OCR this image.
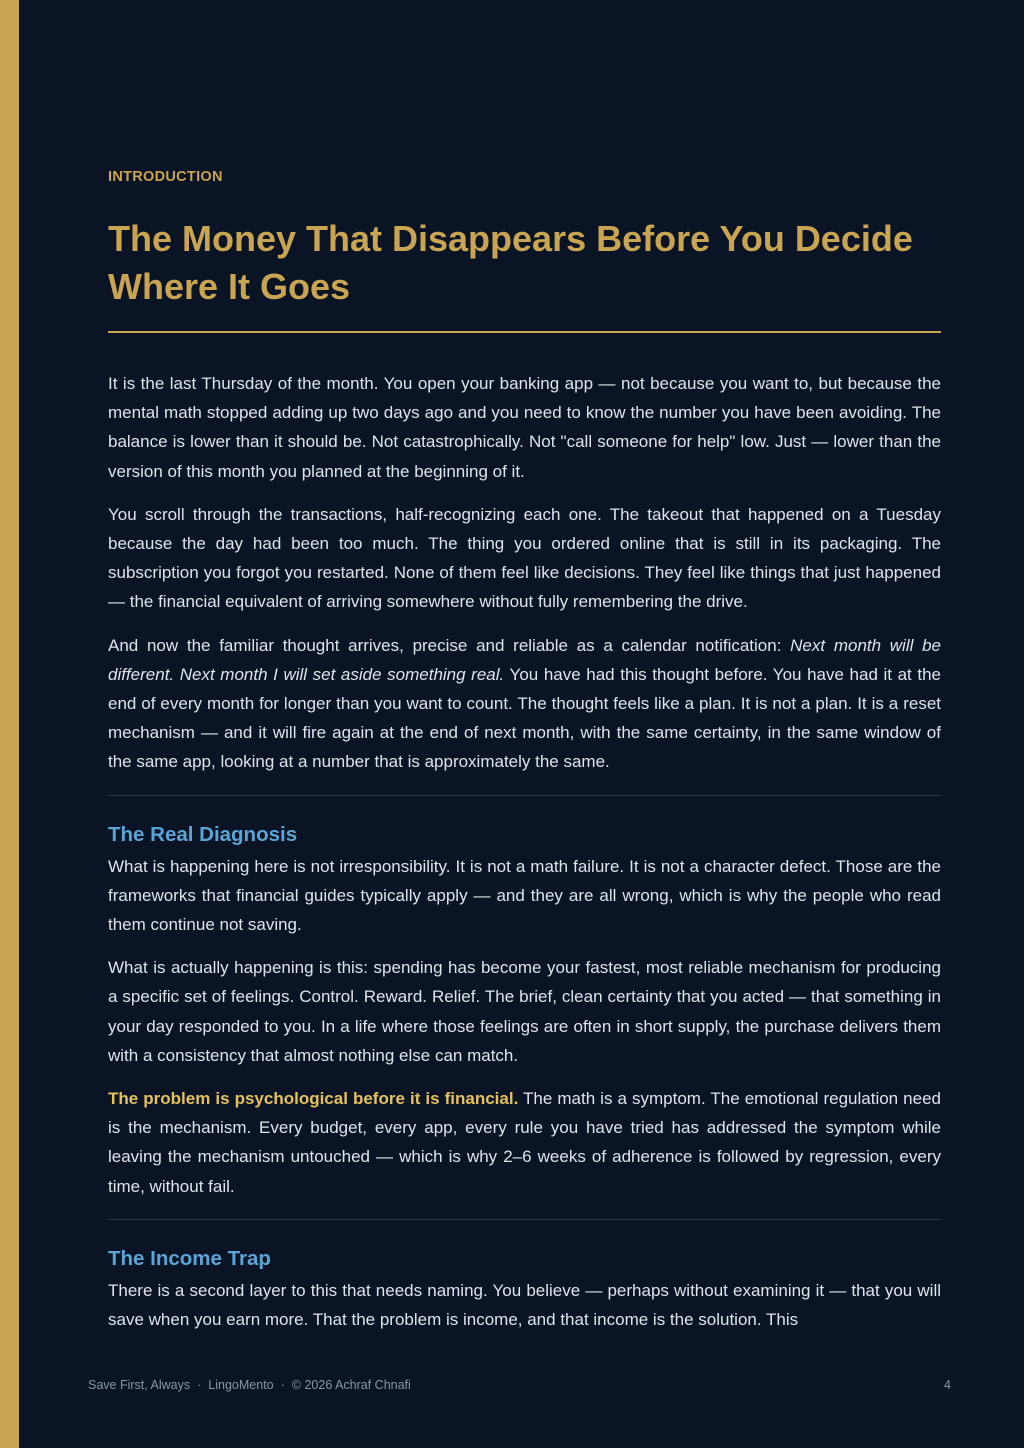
INTRODUCTION

The Money That Disappears Before You Decide Where It Goes

It is the last Thursday of the month. You open your banking app — not because you want to, but because the mental math stopped adding up two days ago and you need to know the number you have been avoiding. The balance is lower than it should be. Not catastrophically. Not "call someone for help" low. Just — lower than the version of this month you planned at the beginning of it.

You scroll through the transactions, half-recognizing each one. The takeout that happened on a Tuesday because the day had been too much. The thing you ordered online that is still in its packaging. The subscription you forgot you restarted. None of them feel like decisions. They feel like things that just happened — the financial equivalent of arriving somewhere without fully remembering the drive.

And now the familiar thought arrives, precise and reliable as a calendar notification: Next month will be different. Next month I will set aside something real. You have had this thought before. You have had it at the end of every month for longer than you want to count. The thought feels like a plan. It is not a plan. It is a reset mechanism — and it will fire again at the end of next month, with the same certainty, in the same window of the same app, looking at a number that is approximately the same.

The Real Diagnosis

What is happening here is not irresponsibility. It is not a math failure. It is not a character defect. Those are the frameworks that financial guides typically apply — and they are all wrong, which is why the people who read them continue not saving.

What is actually happening is this: spending has become your fastest, most reliable mechanism for producing a specific set of feelings. Control. Reward. Relief. The brief, clean certainty that you acted — that something in your day responded to you. In a life where those feelings are often in short supply, the purchase delivers them with a consistency that almost nothing else can match.

The problem is psychological before it is financial. The math is a symptom. The emotional regulation need is the mechanism. Every budget, every app, every rule you have tried has addressed the symptom while leaving the mechanism untouched — which is why 2–6 weeks of adherence is followed by regression, every time, without fail.

The Income Trap

There is a second layer to this that needs naming. You believe — perhaps without examining it — that you will save when you earn more. That the problem is income, and that income is the solution. This

Save First, Always · LingoMento · © 2026 Achraf Chnafi	4
